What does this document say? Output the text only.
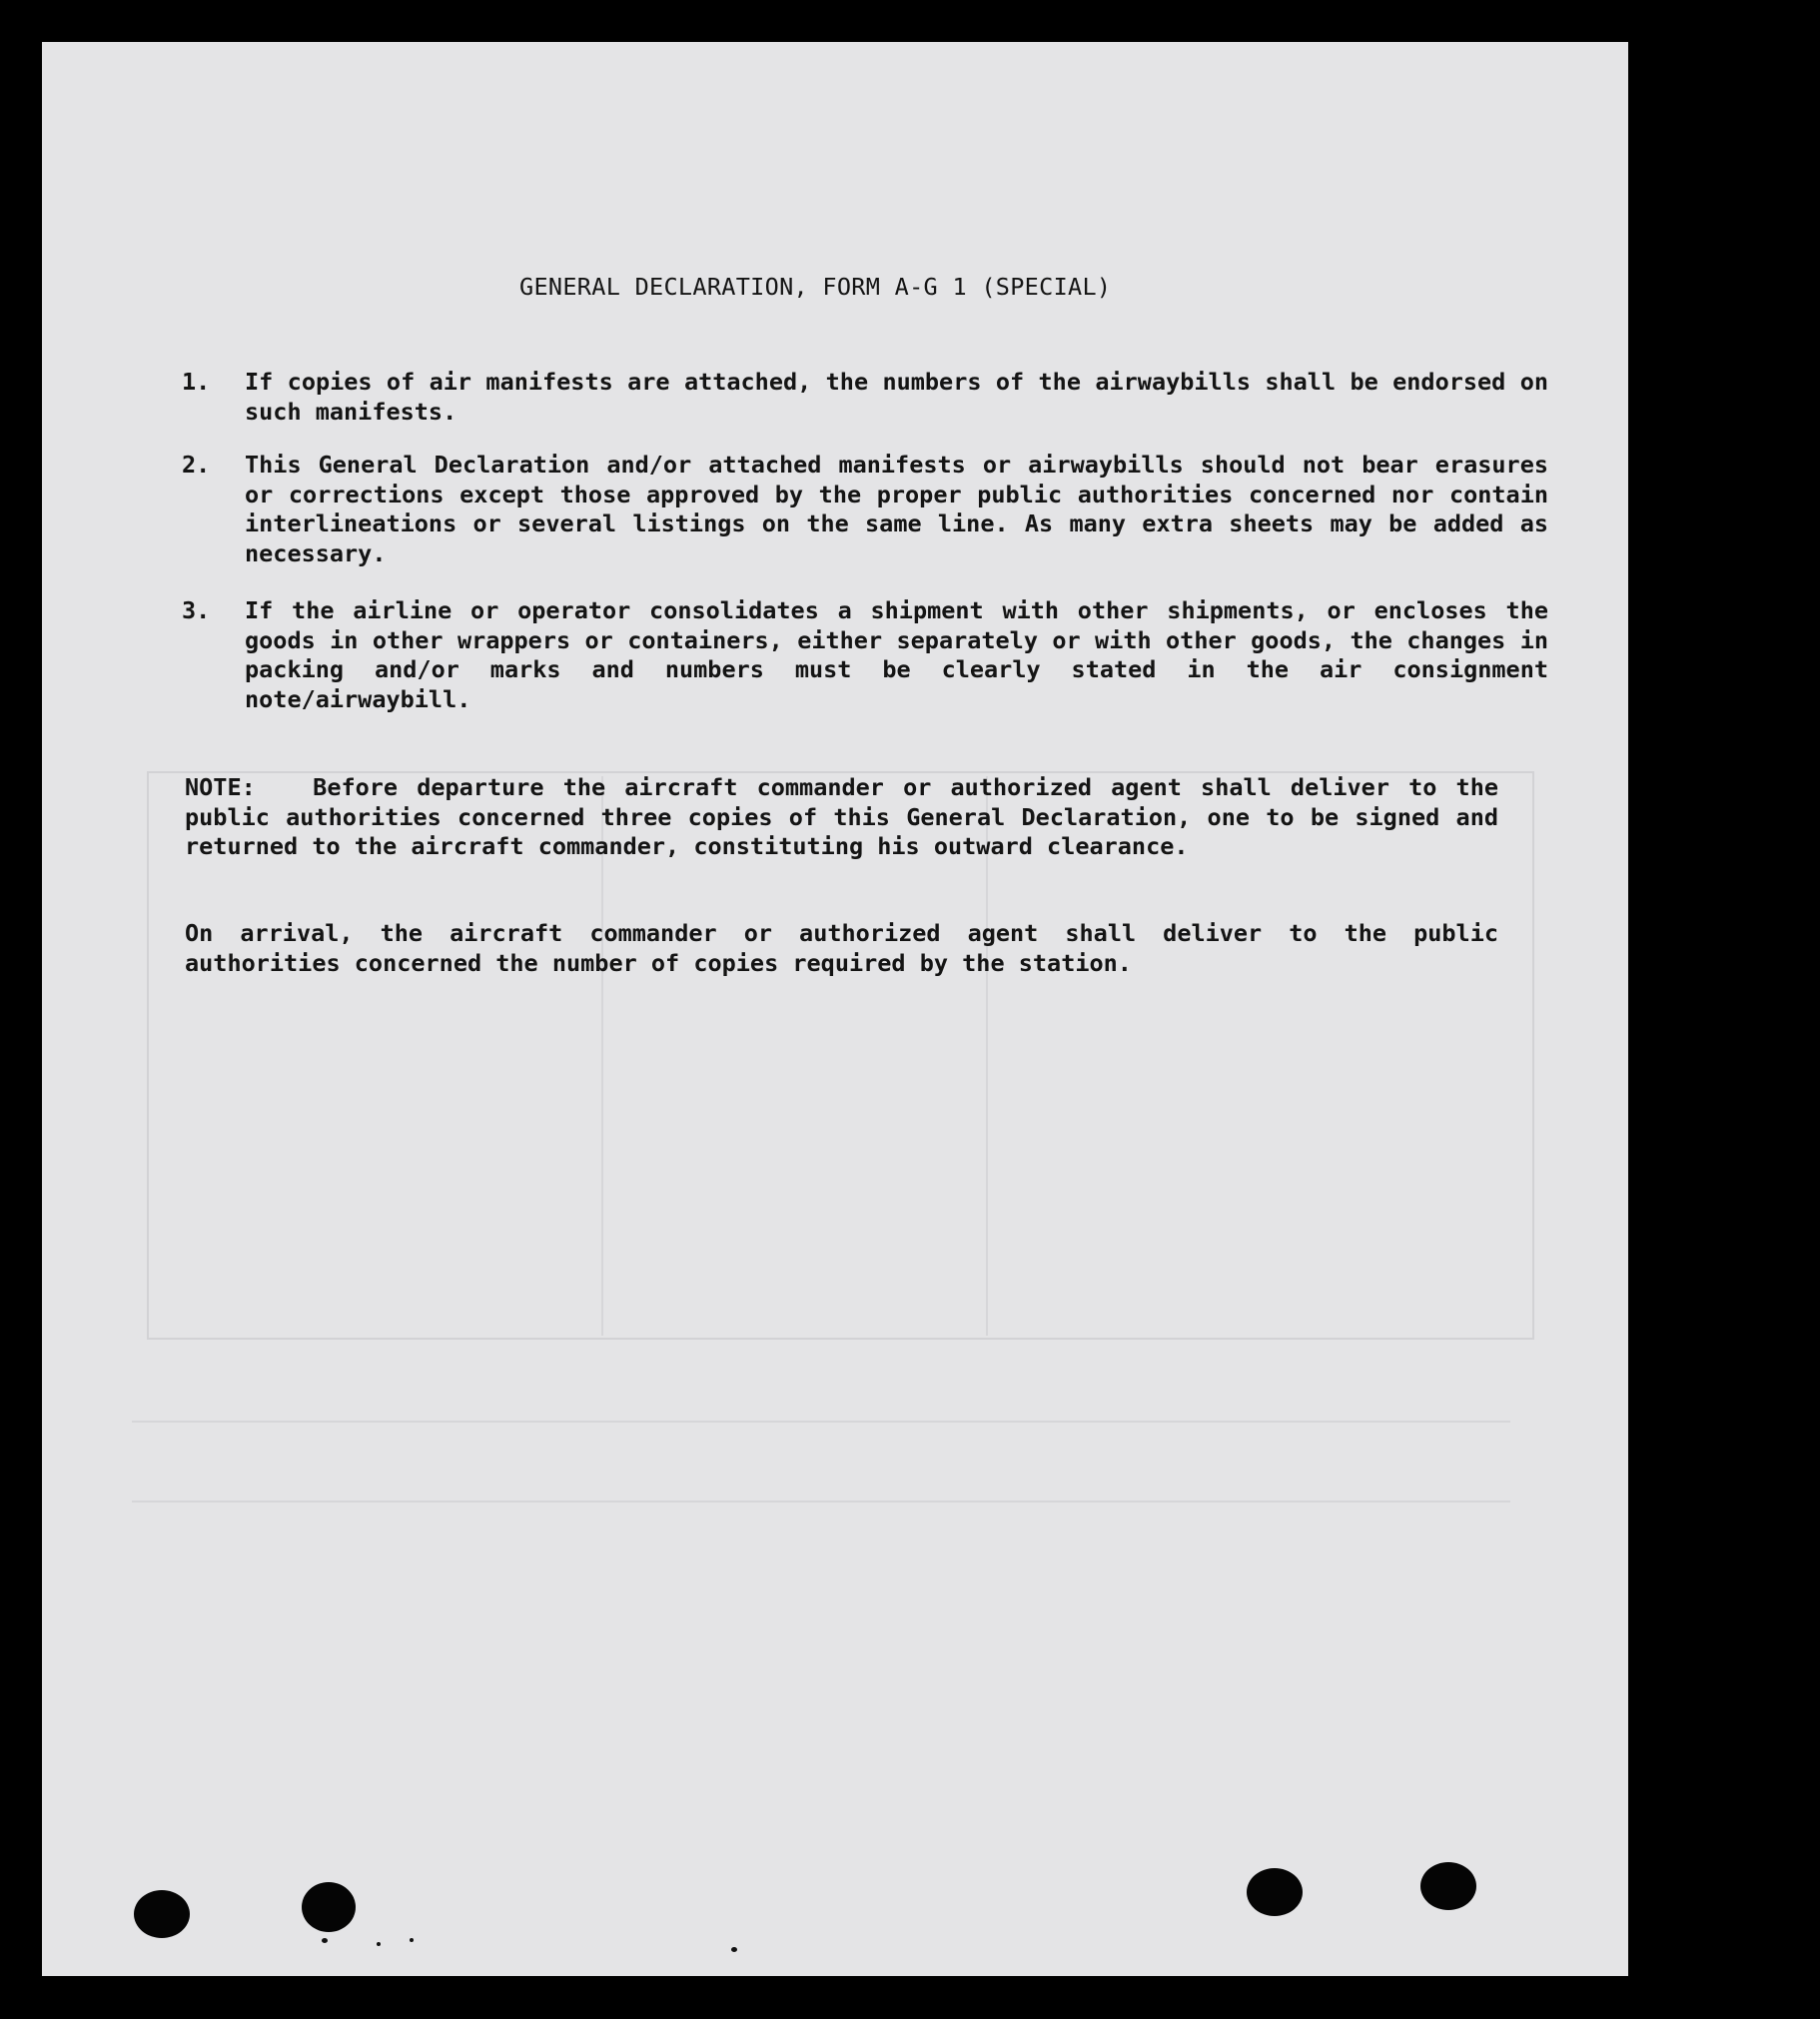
GENERAL DECLARATION, FORM A-G 1 (SPECIAL)
1.	If copies of air manifests are attached, the numbers of the airwaybills shall be endorsed on such manifests.
2.	This General Declaration and/or attached manifests or airwaybills should not bear erasures or corrections except those approved by the proper public authorities concerned nor contain interlineations or several listings on the same line. As many extra sheets may be added as necessary.
3.	If the airline or operator consolidates a shipment with other shipments, or encloses the goods in other wrappers or containers, either separately or with other goods, the changes in packing and/or marks and numbers must be clearly stated in the air consignment note/airwaybill.
NOTE:   Before departure the aircraft commander or authorized agent shall deliver to the public authorities concerned three copies of this General Declaration, one to be signed and returned to the aircraft commander, constituting his outward clearance.
On arrival, the aircraft commander or authorized agent shall deliver to the public authorities concerned the number of copies required by the station.
